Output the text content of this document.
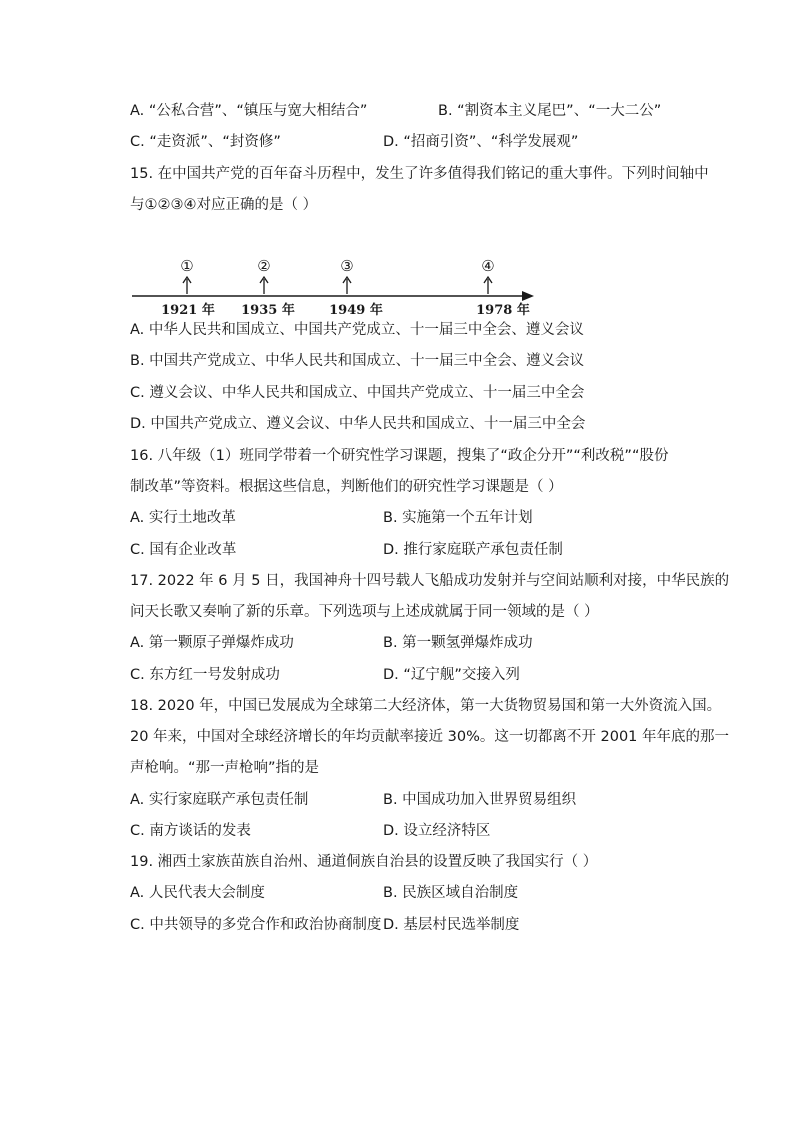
A. “公私合营”、“镇压与宽大相结合”	B. “割资本主义尾巴”、“一大二公”
C. “走资派”、“封资修”	D. “招商引资”、“科学发展观”
15. 在中国共产党的百年奋斗历程中，发生了许多值得我们铭记的重大事件。下列时间轴中
与①②③④对应正确的是（ ）
①
1921 年
②
1935 年
③
1949 年
④
1978 年
A. 中华人民共和国成立、中国共产党成立、十一届三中全会、遵义会议
B. 中国共产党成立、中华人民共和国成立、十一届三中全会、遵义会议
C. 遵义会议、中华人民共和国成立、中国共产党成立、十一届三中全会
D. 中国共产党成立、遵义会议、中华人民共和国成立、十一届三中全会
16. 八年级（1）班同学带着一个研究性学习课题，搜集了“政企分开”“利改税”“股份
制改革”等资料。根据这些信息，判断他们的研究性学习课题是（ ）
A. 实行土地改革	B. 实施第一个五年计划
C. 国有企业改革	D. 推行家庭联产承包责任制
17. 2022 年 6 月 5 日，我国神舟十四号载人飞船成功发射并与空间站顺利对接，中华民族的
问天长歌又奏响了新的乐章。下列选项与上述成就属于同一领域的是（ ）
A. 第一颗原子弹爆炸成功	B. 第一颗氢弹爆炸成功
C. 东方红一号发射成功	D. “辽宁舰”交接入列
18. 2020 年，中国已发展成为全球第二大经济体，第一大货物贸易国和第一大外资流入国。
20 年来，中国对全球经济增长的年均贡献率接近 30%。这一切都离不开 2001 年年底的那一
声枪响。“那一声枪响”指的是
A. 实行家庭联产承包责任制	B. 中国成功加入世界贸易组织
C. 南方谈话的发表	D. 设立经济特区
19. 湘西土家族苗族自治州、通道侗族自治县的设置反映了我国实行（ ）
A. 人民代表大会制度	B. 民族区域自治制度
C. 中共领导的多党合作和政治协商制度 D. 基层村民选举制度
